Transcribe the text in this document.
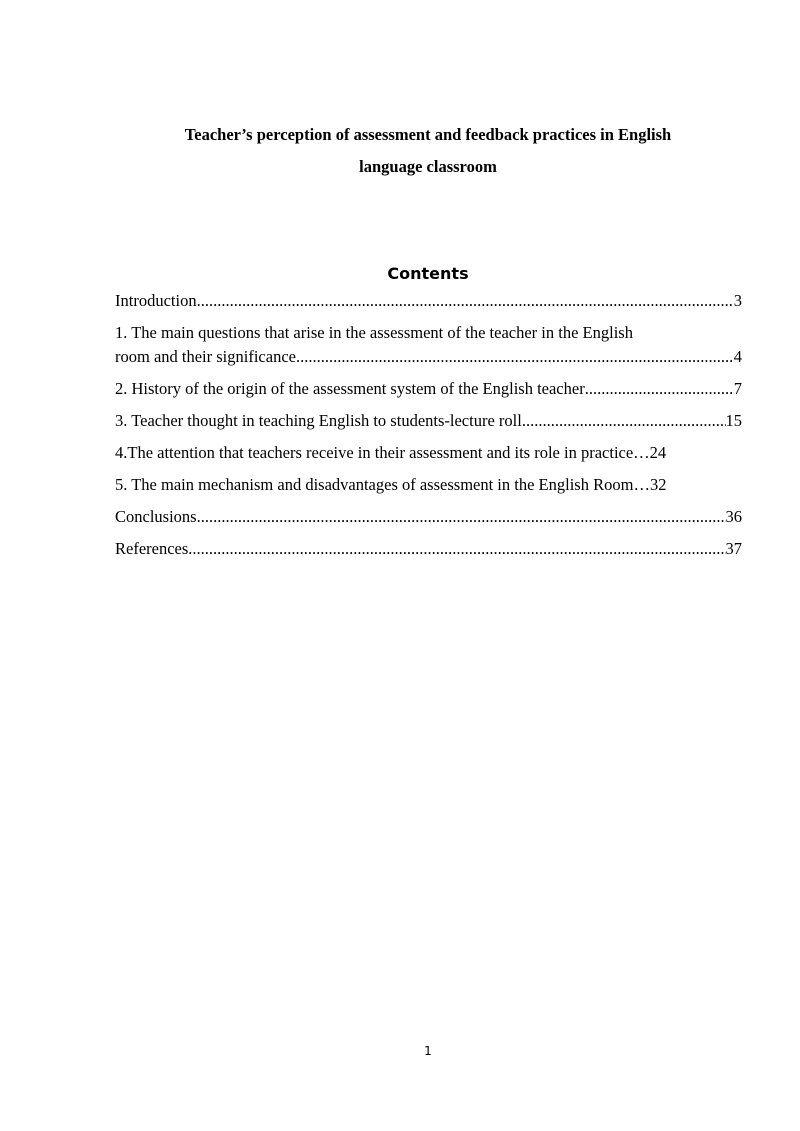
Teacher’s perception of assessment and feedback practices in English
language classroom
Contents
Introduction .....	3
1. The main questions that arise in the assessment of the teacher in the English
room and their significance .....	4
2. History of the origin of the assessment system of the English teacher .....	7
3. Teacher thought in teaching English to students-lecture roll .....	15
4.The attention that teachers receive in their assessment and its role in practice … 24
5. The main mechanism and disadvantages of assessment in the English Room … 32
Conclusions .....	36
References .....	37
1
